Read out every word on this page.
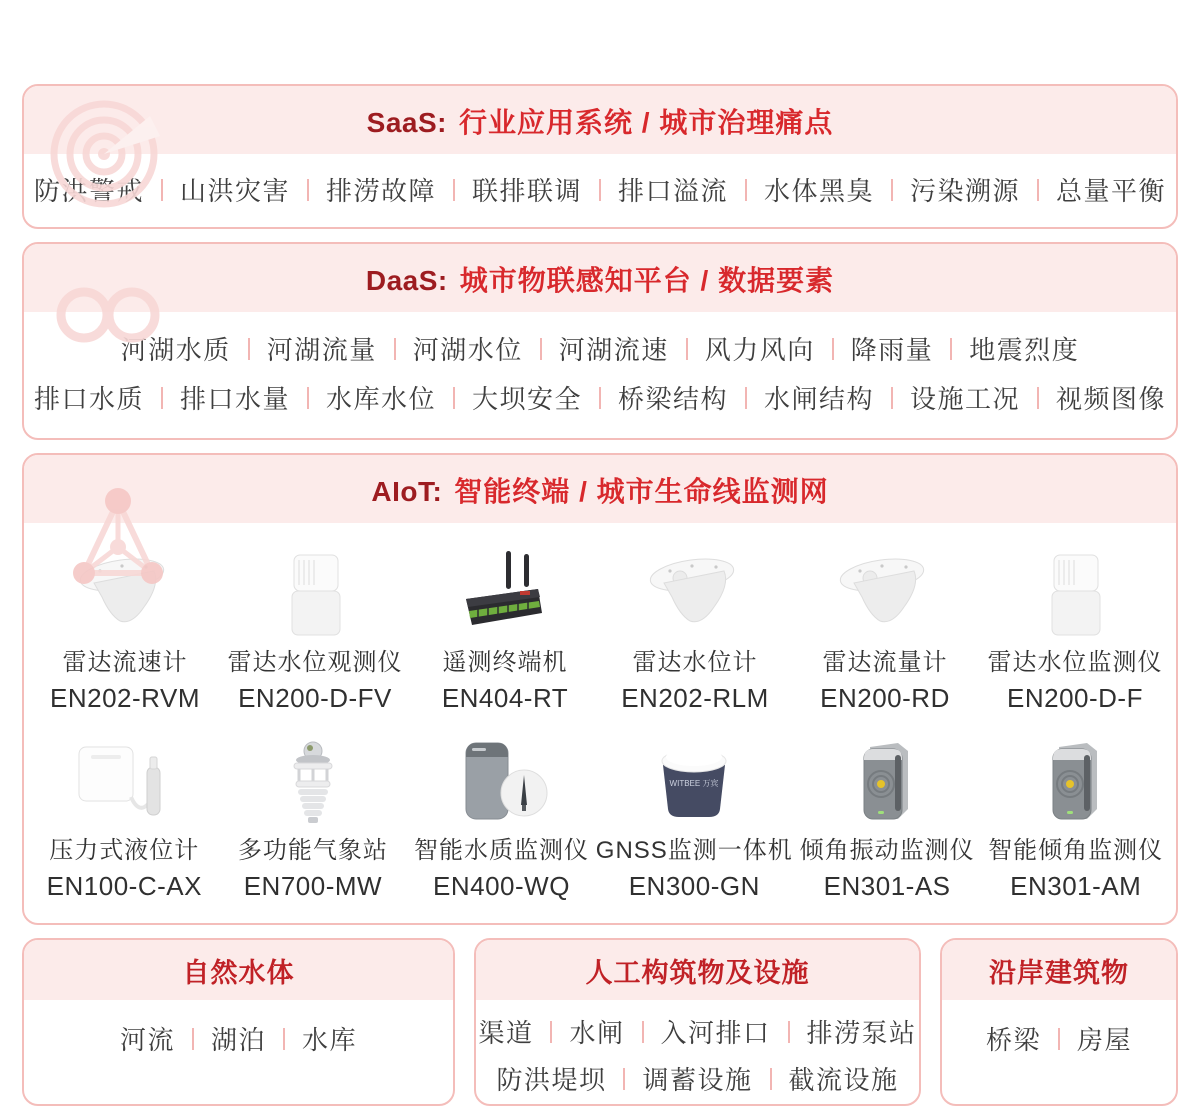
SaaS: 行业应用系统 / 城市治理痛点
防洪警戒 山洪灾害 排涝故障 联排联调 排口溢流 水体黑臭 污染溯源 总量平衡
DaaS: 城市物联感知平台 / 数据要素
河湖水质 河湖流量 河湖水位 河湖流速 风力风向 降雨量 地震烈度
排口水质 排口水量 水库水位 大坝安全 桥梁结构 水闸结构 设施工况 视频图像
AIoT: 智能终端 / 城市生命线监测网
雷达流速计
EN202-RVM
雷达水位观测仪
EN200-D-FV
遥测终端机
EN404-RT
雷达水位计
EN202-RLM
雷达流量计
EN200-RD
雷达水位监测仪
EN200-D-F
压力式液位计
EN100-C-AX
多功能气象站
EN700-MW
智能水质监测仪
EN400-WQ
WITBEE 万宾
GNSS监测一体机
EN300-GN
倾角振动监测仪
EN301-AS
智能倾角监测仪
EN301-AM
自然水体
河流 湖泊 水库
人工构筑物及设施
渠道 水闸 入河排口 排涝泵站
防洪堤坝 调蓄设施 截流设施
沿岸建筑物
桥梁 房屋
